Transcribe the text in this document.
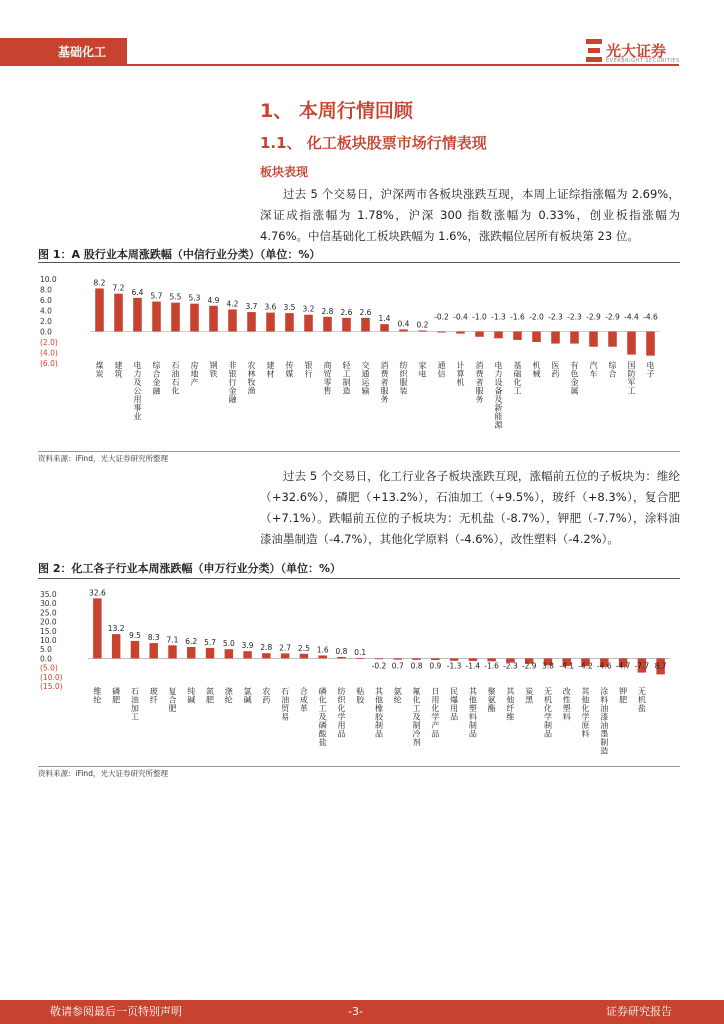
基础化工	光大证券
EVERBRIGHT SECURITIES
1、 本周行情回顾
1.1、 化工板块股票市场行情表现
板块表现
过去 5 个交易日，沪深两市各板块涨跌互现，本周上证综指涨幅为 2.69%，深证成指涨幅为 1.78%，沪深 300 指数涨幅为 0.33%，创业板指涨幅为 4.76%。中信基础化工板块跌幅为 1.6%，涨跌幅位居所有板块第 23 位。
图 1：A 股行业本周涨跌幅（中信行业分类）（单位：%）
10.0
8.0
6.0
4.0
2.0
0.0
(2.0)
(4.0)
(6.0)
8.2
煤炭
7.2
建筑
6.4
电力及公用事业
5.7
综合金融
5.5
石油石化
5.3
房地产
4.9
钢铁
4.2
非银行金融
3.7
农林牧渔
3.6
建材
3.5
传媒
3.2
银行
2.8
商贸零售
2.6
轻工制造
2.6
交通运输
1.4
消费者服务
0.4
纺织服装
0.2
家电
-0.2
通信
-0.4
计算机
-1.0
消费者服务
-1.3
电力设备及新能源
-1.6
基础化工
-2.0
机械
-2.3
医药
-2.3
有色金属
-2.9
汽车
-2.9
综合
-4.4
国防军工
-4.6
电子
资料来源：iFind，光大证券研究所整理
过去 5 个交易日，化工行业各子板块涨跌互现，涨幅前五位的子板块为：维纶（+32.6%），磷肥（+13.2%），石油加工（+9.5%），玻纤（+8.3%），复合肥（+7.1%）。跌幅前五位的子板块为：无机盐（-8.7%），钾肥（-7.7%），涂料油漆油墨制造（-4.7%），其他化学原料（-4.6%），改性塑料（-4.2%）。
图 2：化工各子行业本周涨跌幅（申万行业分类）（单位：%）
35.0
30.0
25.0
20.0
15.0
10.0
5.0
0.0
(5.0)
(10.0)
(15.0)
32.6
维纶
13.2
磷肥
9.5
石油加工
8.3
玻纤
7.1
复合肥
6.2
纯碱
5.7
氮肥
5.0
涤纶
3.9
氯碱
2.8
农药
2.7
石油贸易
2.5
合成革
1.6
磷化工及磷酸盐
0.8
纺织化学用品
0.1
粘胶
-0.2
其他橡胶制品
0.7
氨纶
0.8
氟化工及制冷剂
0.9
日用化学产品
-1.3
民爆用品
-1.4
其他塑料制品
-1.6
聚氨酯
-2.3
其他纤维
-2.9
炭黑
3.8
无机化学制品
-4.1
改性塑料
-4.2
其他化学原料
-4.6
涂料油漆油墨制造
-4.7
钾肥
-7.7
无机盐
8.7
资料来源：iFind，光大证券研究所整理
敬请参阅最后一页特别声明	-3-	证券研究报告
